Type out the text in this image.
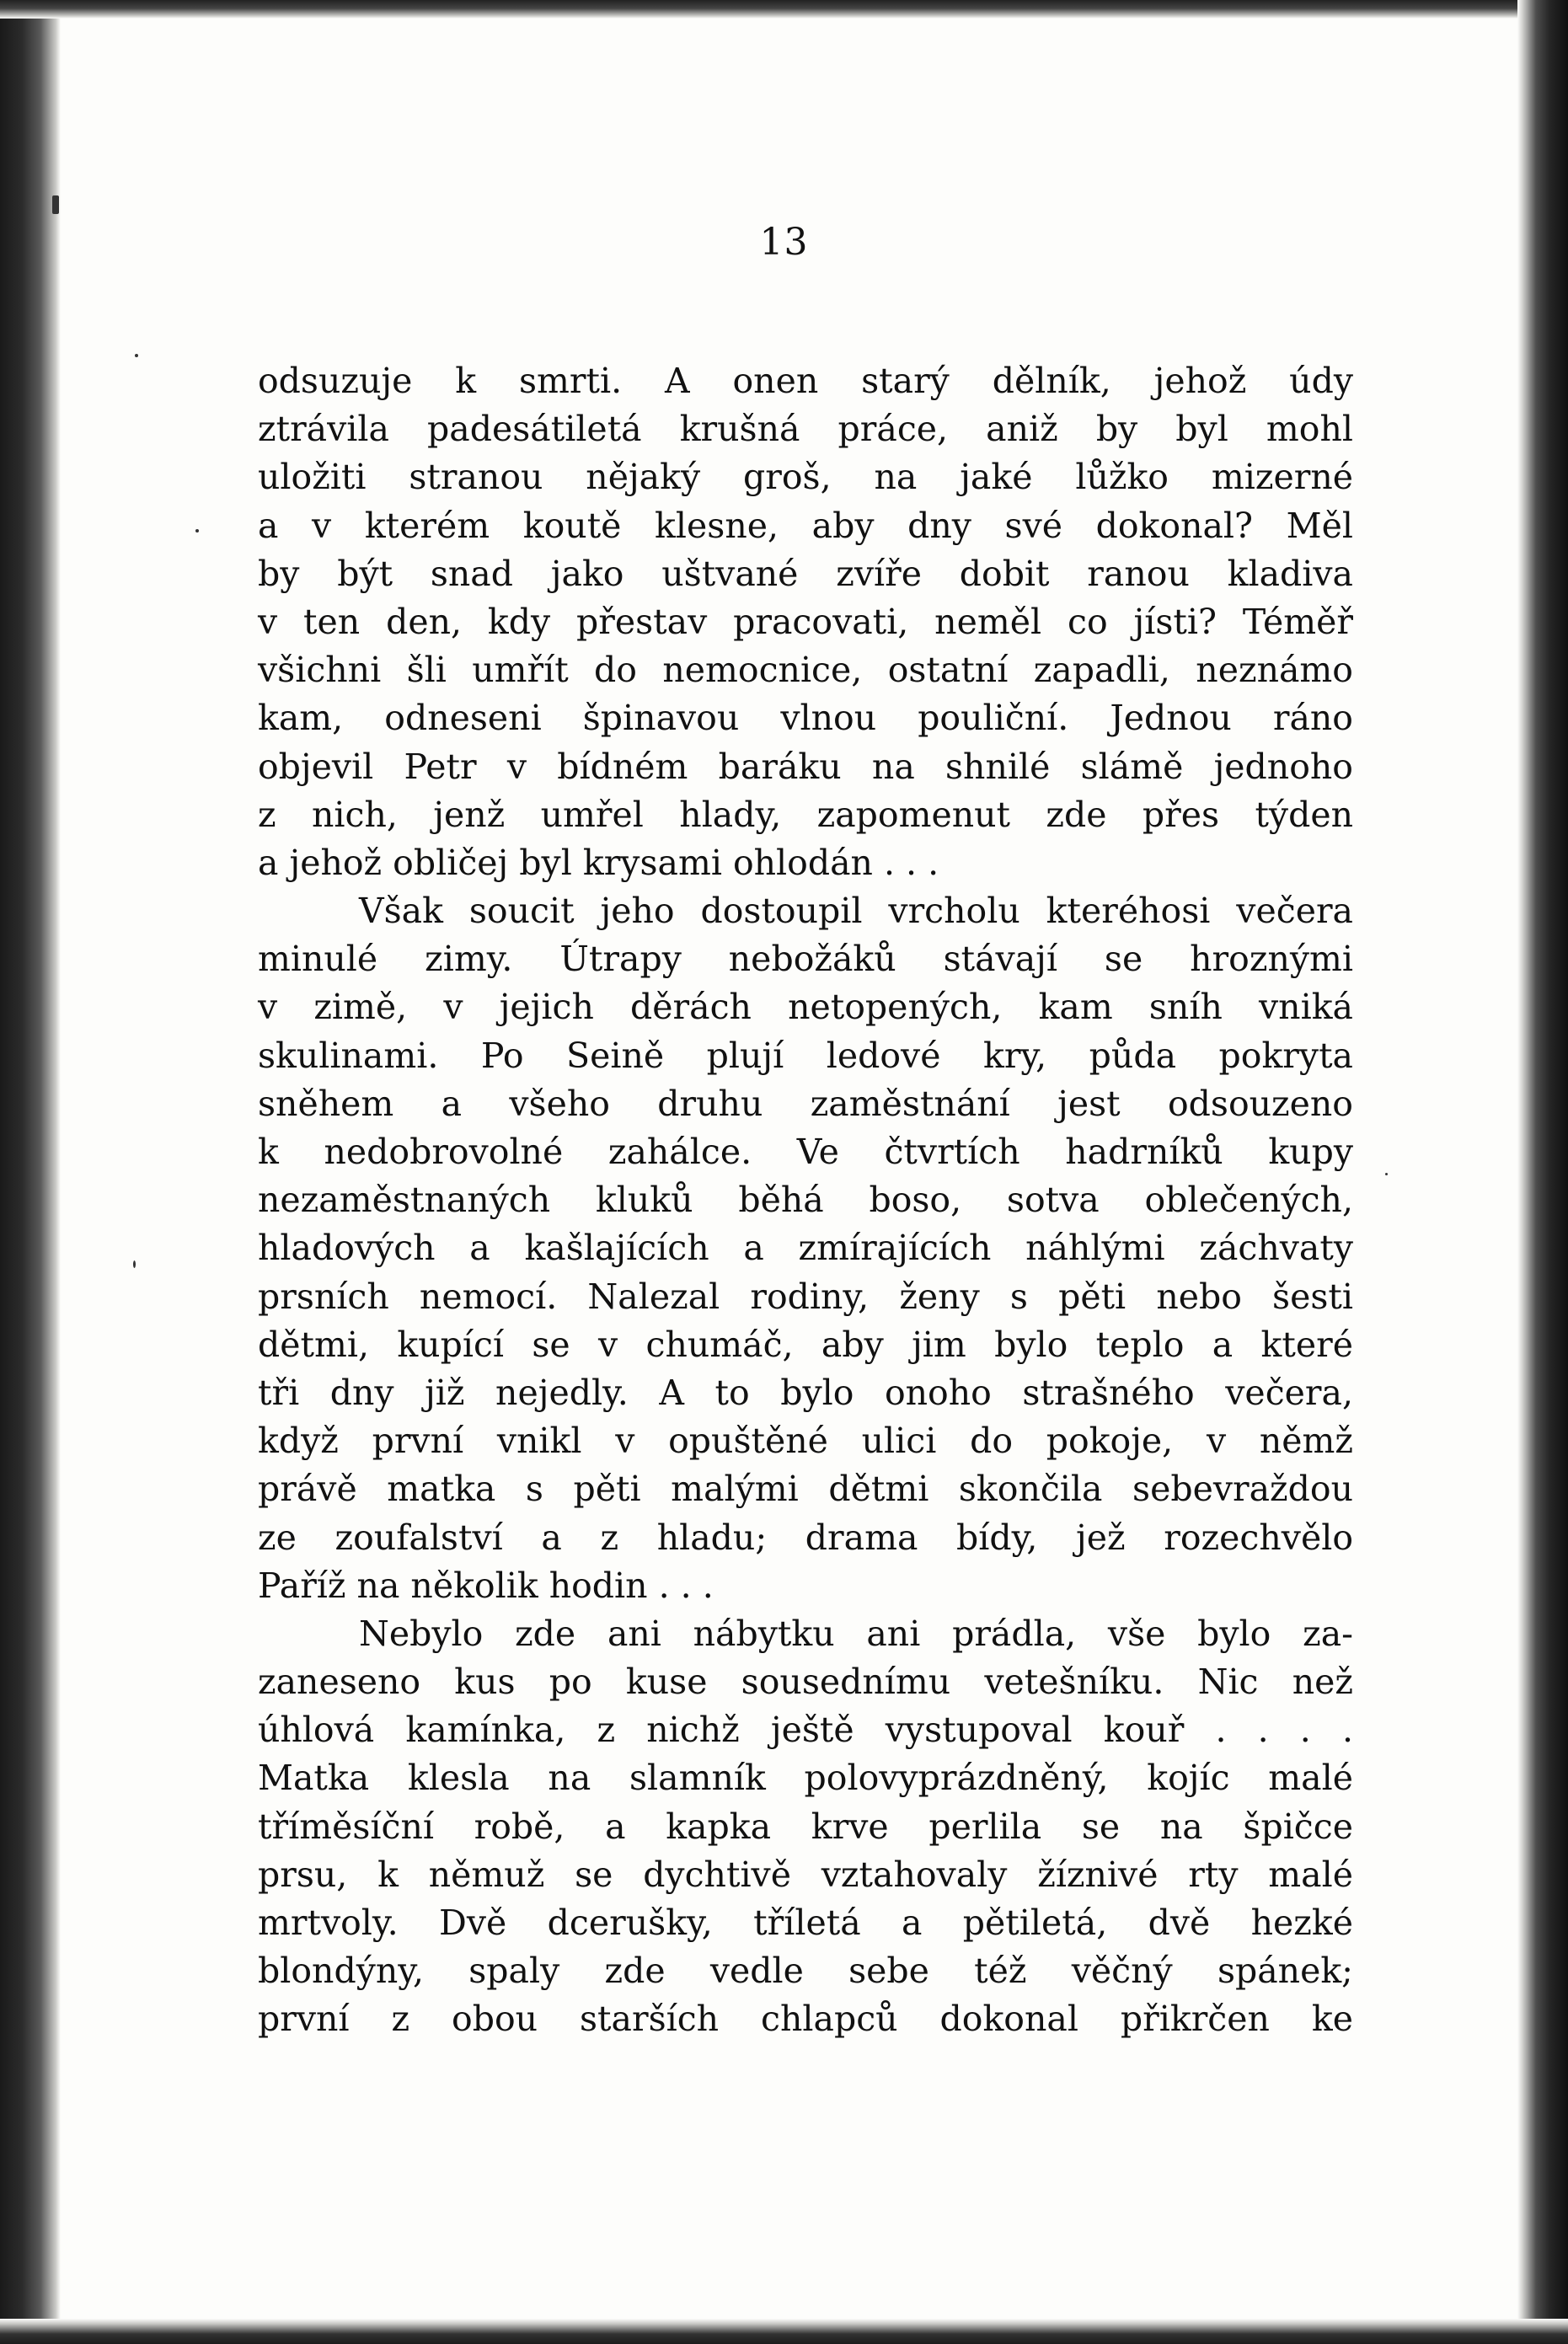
13
odsuzuje k smrti. A onen starý dělník, jehož údy
ztrávila padesátiletá krušná práce, aniž by byl mohl
uložiti stranou nějaký groš, na jaké lůžko mizerné
a v kterém koutě klesne, aby dny své dokonal? Měl
by být snad jako uštvané zvíře dobit ranou kladiva
v ten den, kdy přestav pracovati, neměl co jísti? Téměř
všichni šli umřít do nemocnice, ostatní zapadli, neznámo
kam, odneseni špinavou vlnou pouliční. Jednou ráno
objevil Petr v bídném baráku na shnilé slámě jednoho
z nich, jenž umřel hlady, zapomenut zde přes týden
a jehož obličej byl krysami ohlodán . . .
Však soucit jeho dostoupil vrcholu kteréhosi večera
minulé zimy. Útrapy nebožáků stávají se hroznými
v zimě, v jejich děrách netopených, kam sníh vniká
skulinami. Po Seině plují ledové kry, půda pokryta
sněhem a všeho druhu zaměstnání jest odsouzeno
k nedobrovolné zahálce. Ve čtvrtích hadrníků kupy
nezaměstnaných kluků běhá boso, sotva oblečených,
hladových a kašlajících a zmírajících náhlými záchvaty
prsních nemocí. Nalezal rodiny, ženy s pěti nebo šesti
dětmi, kupící se v chumáč, aby jim bylo teplo a které
tři dny již nejedly. A to bylo onoho strašného večera,
když první vnikl v opuštěné ulici do pokoje, v němž
právě matka s pěti malými dětmi skončila sebevraždou
ze zoufalství a z hladu; drama bídy, jež rozechvělo
Paříž na několik hodin . . .
Nebylo zde ani nábytku ani prádla, vše bylo za-
zaneseno kus po kuse sousednímu vetešníku. Nic než
úhlová kamínka, z nichž ještě vystupoval kouř . . . .
Matka klesla na slamník polovyprázdněný, kojíc malé
tříměsíční robě, a kapka krve perlila se na špičce
prsu, k němuž se dychtivě vztahovaly žíznivé rty malé
mrtvoly. Dvě dcerušky, tříletá a pětiletá, dvě hezké
blondýny, spaly zde vedle sebe též věčný spánek;
první z obou starších chlapců dokonal přikrčen ke
